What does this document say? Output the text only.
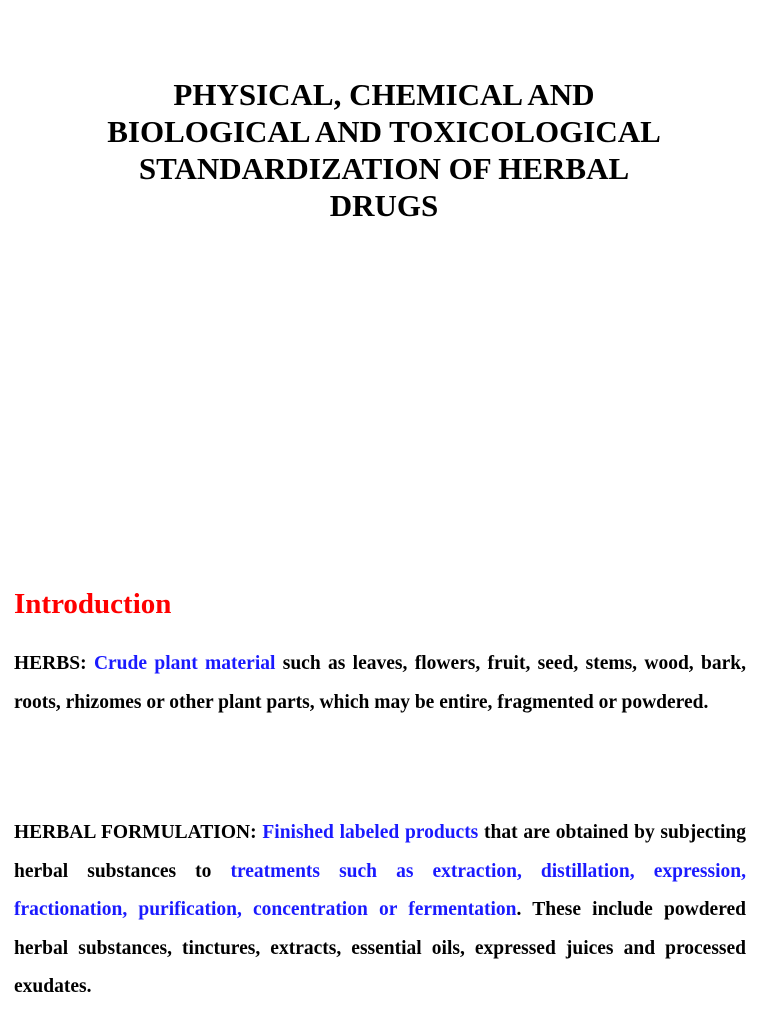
PHYSICAL, CHEMICAL AND
BIOLOGICAL AND TOXICOLOGICAL
STANDARDIZATION OF HERBAL
DRUGS
Introduction

HERBS: Crude plant material such as leaves, flowers, fruit, seed, stems, wood, bark, roots, rhizomes or other plant parts, which may be entire, fragmented or powdered.

HERBAL FORMULATION: Finished labeled products that are obtained by subjecting herbal substances to treatments such as extraction, distillation, expression, fractionation, purification, concentration or fermentation. These include powdered herbal substances, tinctures, extracts, essential oils, expressed juices and processed exudates.
